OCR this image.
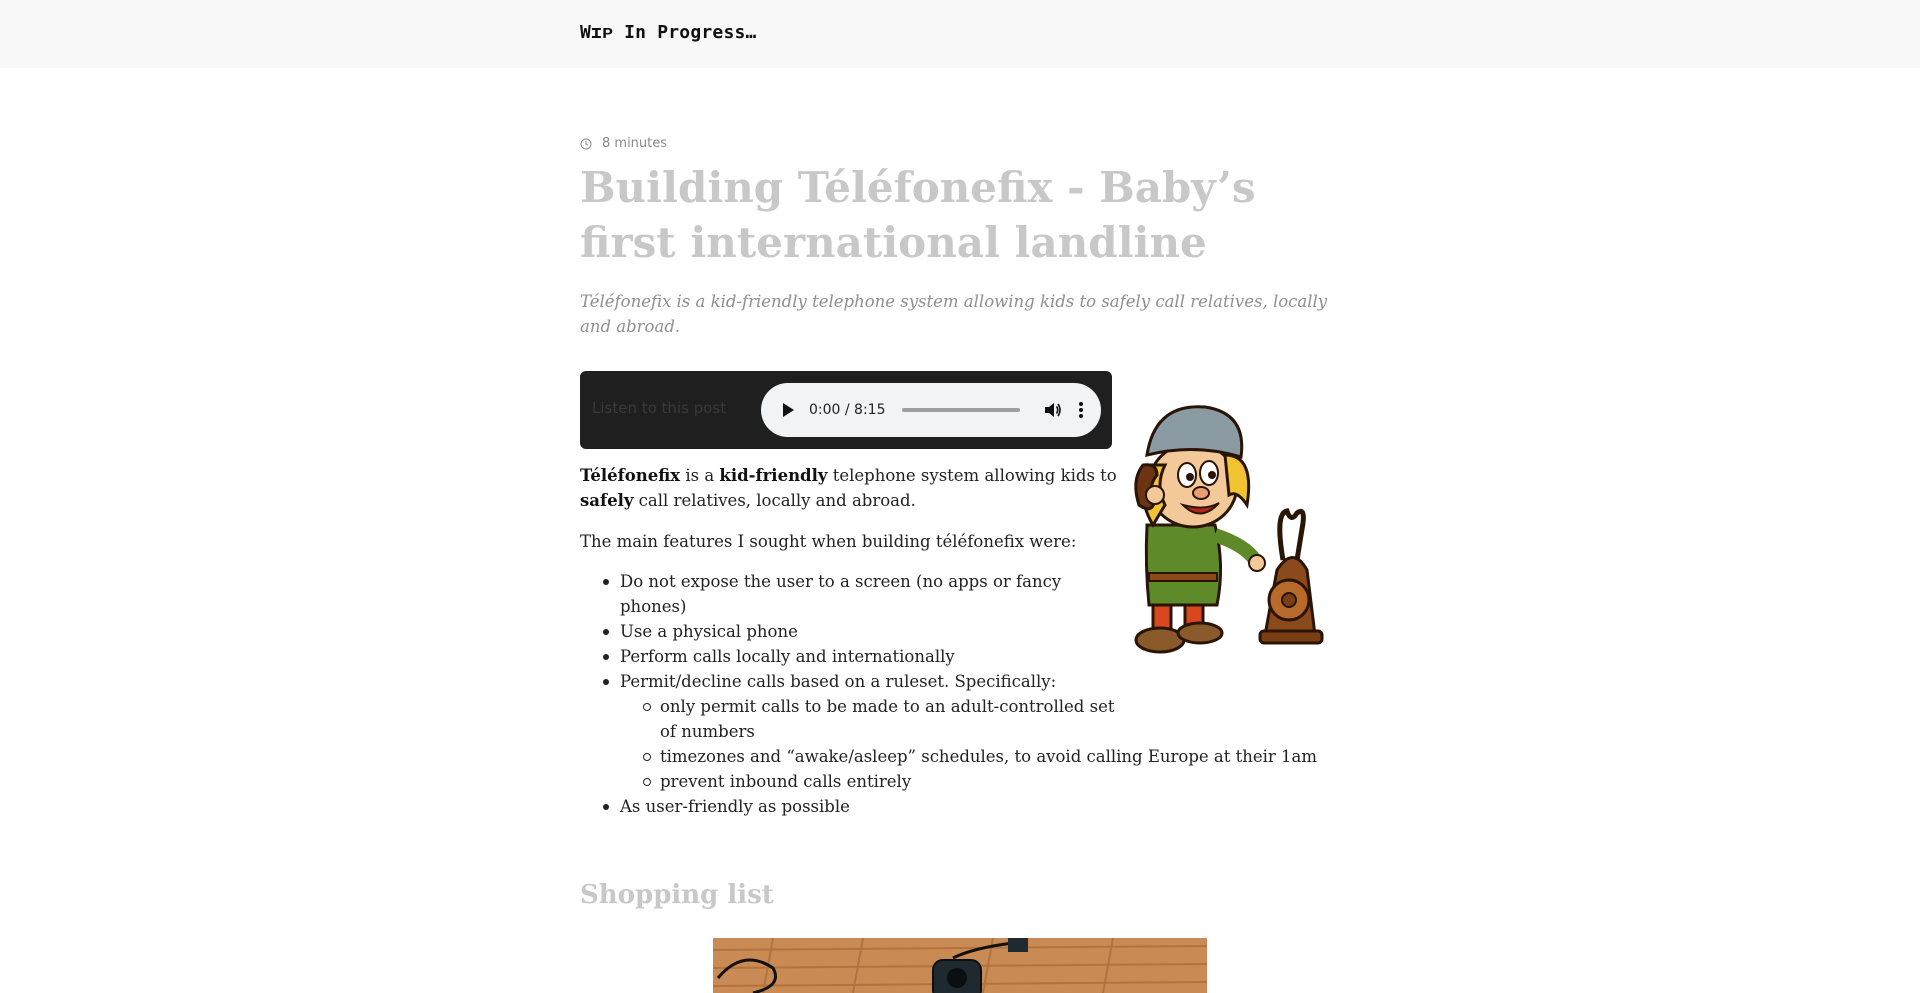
Wɪᴘ In Progress…
8 minutes
Building Téléfonefix - Baby’s first international landline

Téléfonefix is a kid-friendly telephone system allowing kids to safely call relatives, locally and abroad.

Listen to this post	0:00 / 8:15

Téléfonefix is a kid-friendly telephone system allowing kids to safely call relatives, locally and abroad.

The main features I sought when building téléfonefix were:

Do not expose the user to a screen (no apps or fancy phones)
Use a physical phone
Perform calls locally and internationally
Permit/decline calls based on a ruleset. Specifically:
only permit calls to be made to an adult-controlled set of numbers
timezones and “awake/asleep” schedules, to avoid calling Europe at their 1am
prevent inbound calls entirely
As user-friendly as possible
Shopping list
